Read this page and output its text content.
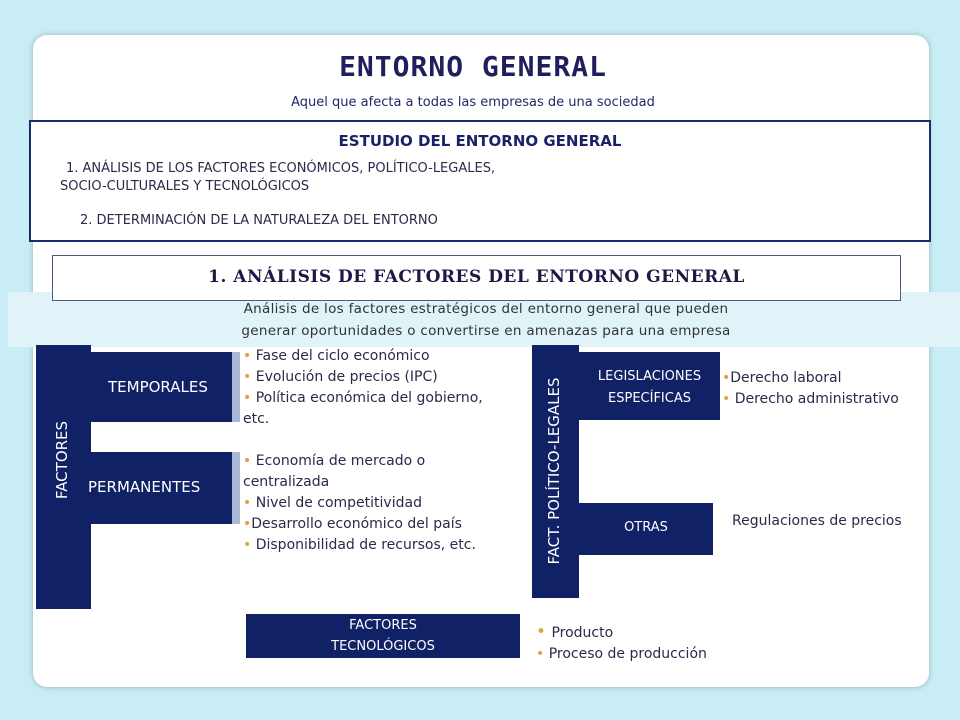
ENTORNO GENERAL
Aquel que afecta a todas las empresas de una sociedad
ESTUDIO DEL ENTORNO GENERAL
1. ANÁLISIS DE LOS FACTORES ECONÓMICOS, POLÍTICO-LEGALES,
SOCIO-CULTURALES Y TECNOLÓGICOS
2. DETERMINACIÓN DE LA NATURALEZA DEL ENTORNO
1. ANÁLISIS DE FACTORES DEL ENTORNO GENERAL
Análisis de los factores estratégicos del entorno general que pueden
generar oportunidades o convertirse en amenazas para una empresa
FACTORES
TEMPORALES
PERMANENTES
• Fase del ciclo económico
• Evolución de precios (IPC)
• Política económica del gobierno,
etc.
• Economía de mercado o
centralizada
• Nivel de competitividad
•Desarrollo económico del país
• Disponibilidad de recursos, etc.	FACT. POLÍTICO-LEGALES
LEGISLACIONES
ESPECÍFICAS
•Derecho laboral
• Derecho administrativo
OTRAS	Regulaciones de precios
FACTORES
TECNOLÓGICOS
• Producto
• Proceso de producción
